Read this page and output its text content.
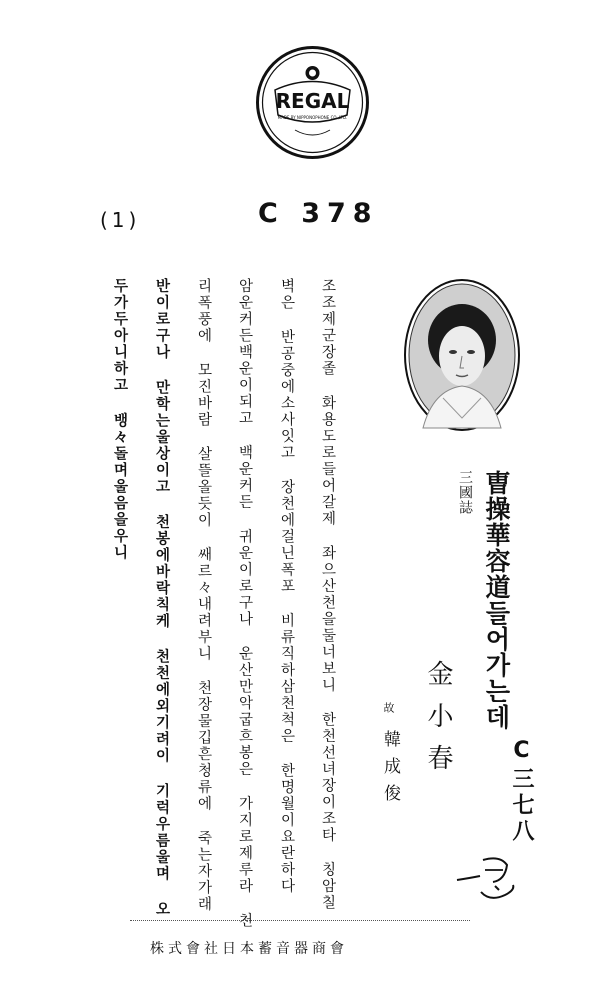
REGAL
MADE BY NIPPONOPHONE CO.,LTD.
C 378
(1)
三國誌 曺操華容道들어가는데
C三七八
金小春
故
韓成俊
조조제군장졸 화용도로들어갈제 좌으산천을둘너보니 한천선녀장이조타 칭암칠
벽은 반공중에소사잇고 장천에걸닌폭포 비류직하삼천척은 한명월이요란하다
암운커든백운이되고 백운커든 귀운이로구나 운산만악굽흐봉은 가지로제루라 천
리폭풍에 모진바람 살뜰올듯이 쌔르々내려부니 천장물깁흔청류에 죽는자가래
반이로구나 만학는울상이고 천봉에바락칙케 천천에외기려이 기럭우름울며 오
두가두아니하고 뱅々돌며울음을우니
株式會社日本蓄音器商會
